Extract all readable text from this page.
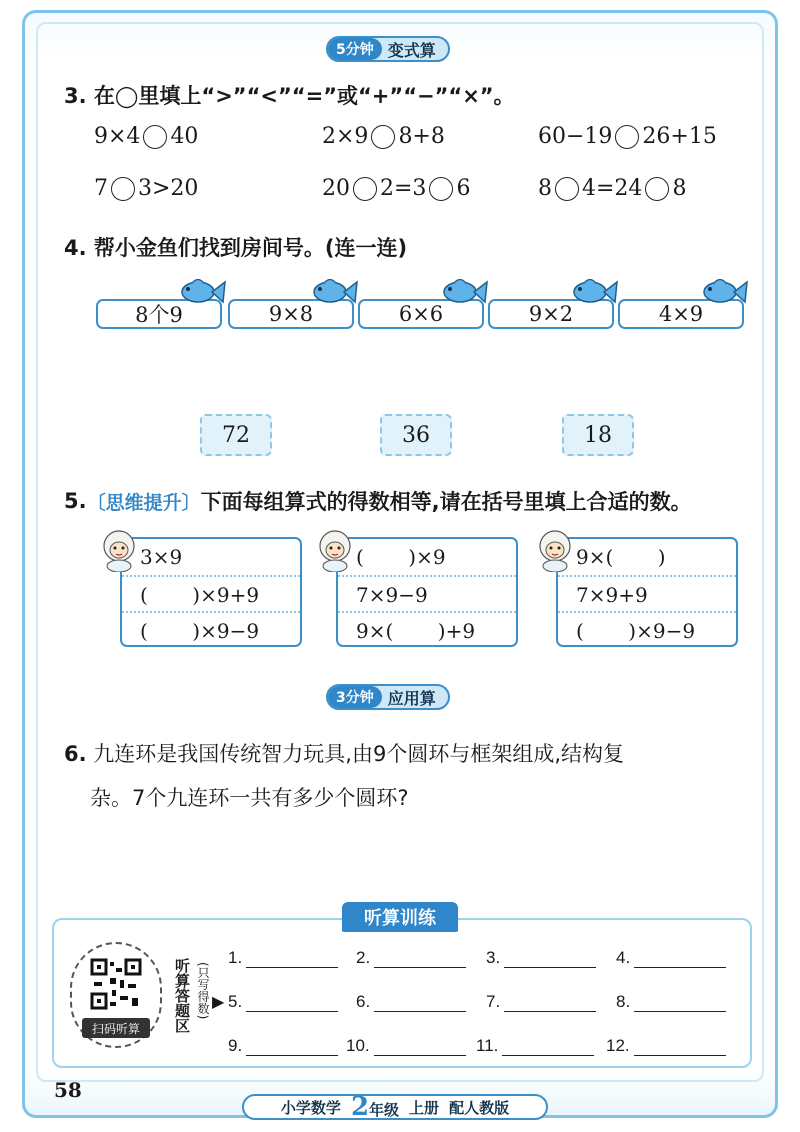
5分钟 变式算
3. 在◯里填上“>”“<”“=”或“+”“−”“×”。
9×4 40	2×9 8+8	60−19 26+15
7 3>20	20 2=3 6	8 4=24 8
4. 帮小金鱼们找到房间号。(连一连)
8个9	9×8	6×6	9×2	4×9
72	36	18
5. 〔思维提升〕 下面每组算式的得数相等,请在括号里填上合适的数。
3×9
(       )×9+9
(       )×9−9
(       )×9
7×9−9
9×(       )+9
9×(       )
7×9+9
(       )×9−9
3分钟 应用算
6. 九连环是我国传统智力玩具,由9个圆环与框架组成,结构复
杂。7个九连环一共有多少个圆环?
听算训练
扫码听算	听算答题区 (只写得数) ▶
1.	2.	3.	4.
5.	6.	7.	8.
9.	10.	11.	12.
58
小学数学 2 年级 上册 配人教版
